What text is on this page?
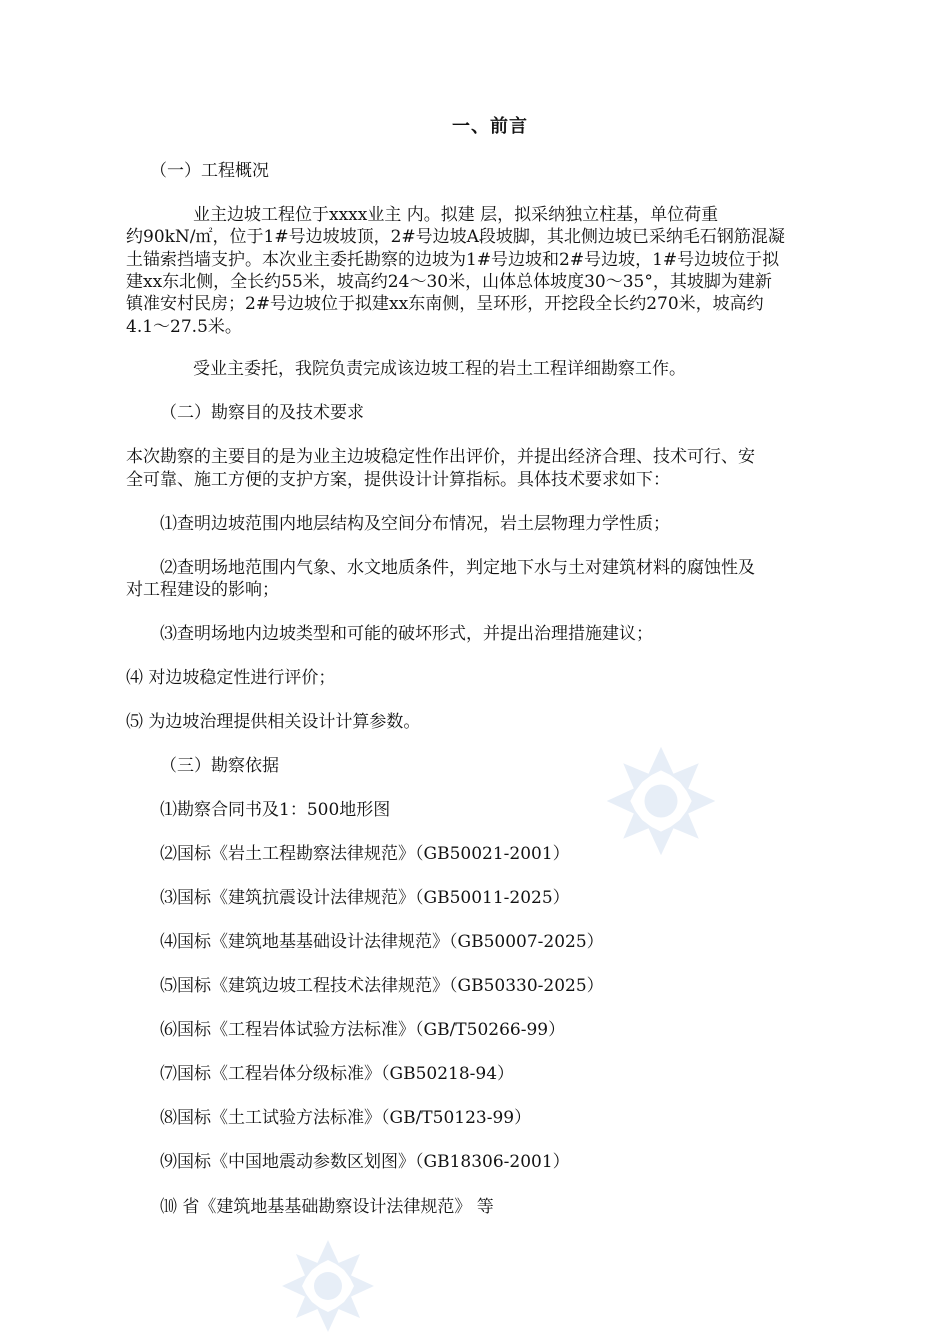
一、前言
（一）工程概况
业主边坡工程位于xxxx业主 内。拟建 层，拟采纳独立柱基，单位荷重
约90kN/㎡，位于1#号边坡坡顶，2#号边坡A段坡脚，其北侧边坡已采纳毛石钢筋混凝
土锚索挡墙支护。本次业主委托勘察的边坡为1#号边坡和2#号边坡，1#号边坡位于拟
建xx东北侧，全长约55米，坡高约24～30米，山体总体坡度30～35°，其坡脚为建新
镇准安村民房；2#号边坡位于拟建xx东南侧，呈环形，开挖段全长约270米，坡高约
4.1～27.5米。
受业主委托，我院负责完成该边坡工程的岩土工程详细勘察工作。
（二）勘察目的及技术要求
本次勘察的主要目的是为业主边坡稳定性作出评价，并提出经济合理、技术可行、安
全可靠、施工方便的支护方案，提供设计计算指标。具体技术要求如下：
⑴查明边坡范围内地层结构及空间分布情况，岩土层物理力学性质；
⑵查明场地范围内气象、水文地质条件，判定地下水与土对建筑材料的腐蚀性及
对工程建设的影响；
⑶查明场地内边坡类型和可能的破坏形式，并提出治理措施建议；
⑷ 对边坡稳定性进行评价；
⑸ 为边坡治理提供相关设计计算参数。
（三）勘察依据
⑴勘察合同书及1：500地形图
⑵国标《岩土工程勘察法律规范》（GB50021-2001）
⑶国标《建筑抗震设计法律规范》（GB50011-2025）
⑷国标《建筑地基基础设计法律规范》（GB50007-2025）
⑸国标《建筑边坡工程技术法律规范》（GB50330-2025）
⑹国标《工程岩体试验方法标准》（GB/T50266-99）
⑺国标《工程岩体分级标准》（GB50218-94）
⑻国标《土工试验方法标准》（GB/T50123-99）
⑼国标《中国地震动参数区划图》（GB18306-2001）
⑽ 省《建筑地基基础勘察设计法律规范》 等
